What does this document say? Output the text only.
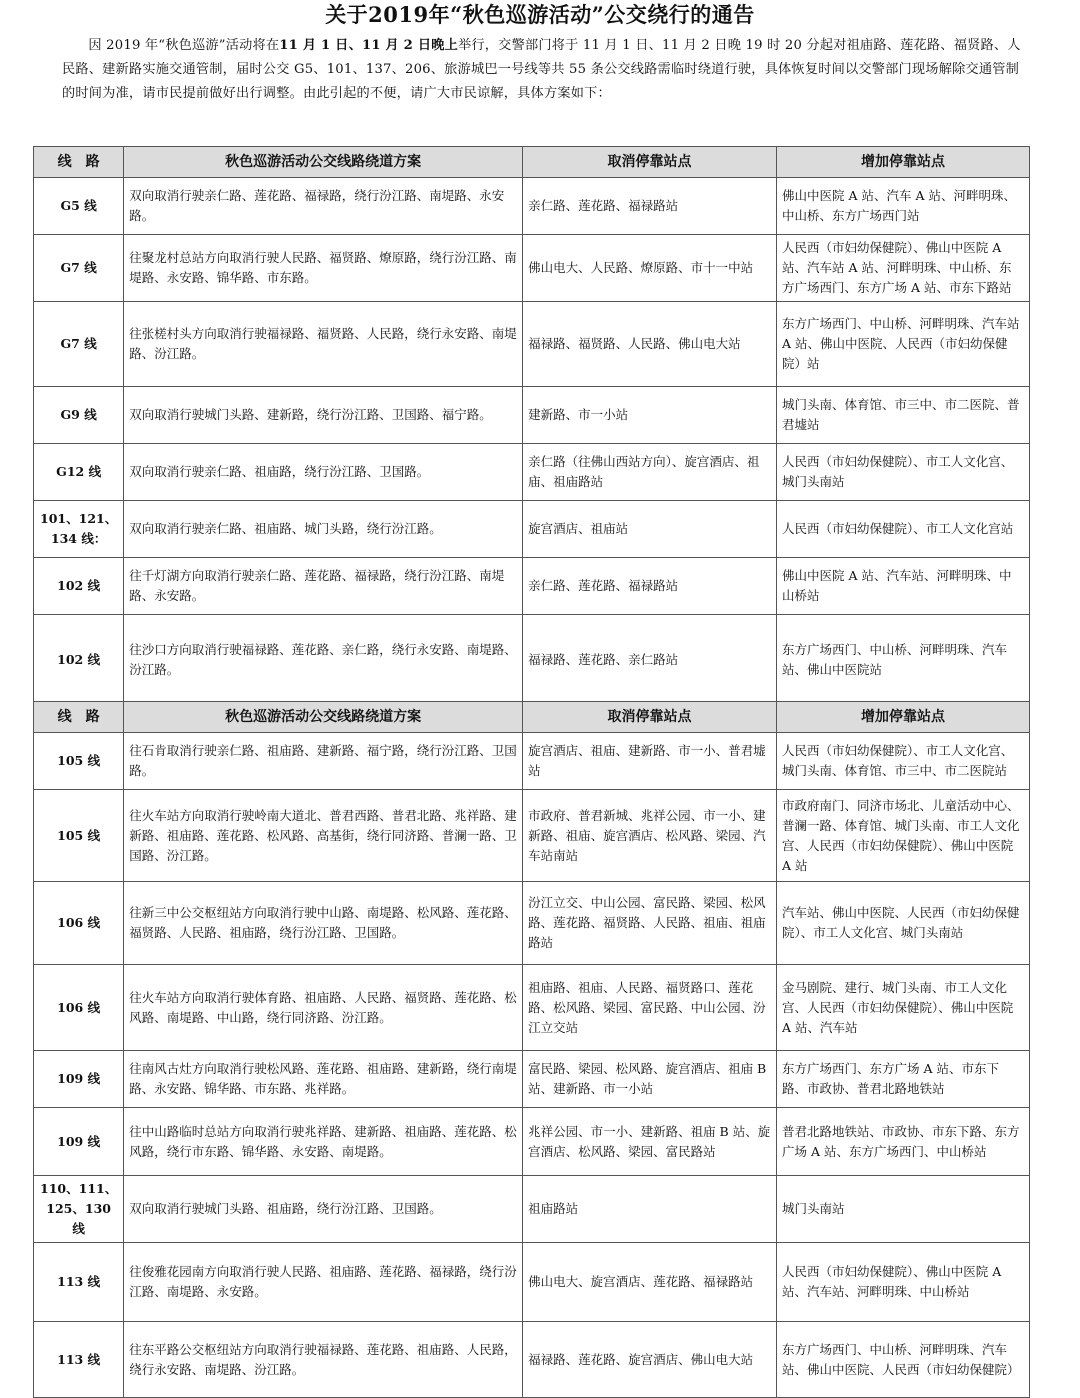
关于2019年“秋色巡游活动”公交绕行的通告

因 2019 年“秋色巡游”活动将在11 月 1 日、11 月 2 日晚上举行，交警部门将于 11 月 1 日、11 月 2 日晚 19 时 20 分起对祖庙路、莲花路、福贤路、人民路、建新路实施交通管制，届时公交 G5、101、137、206、旅游城巴一号线等共 55 条公交线路需临时绕道行驶，具体恢复时间以交警部门现场解除交通管制的时间为准，请市民提前做好出行调整。由此引起的不便，请广大市民谅解，具体方案如下：

线　路	秋色巡游活动公交线路绕道方案	取消停靠站点	增加停靠站点
G5 线	双向取消行驶亲仁路、莲花路、福禄路，绕行汾江路、南堤路、永安路。	亲仁路、莲花路、福禄路站	佛山中医院 A 站、汽车 A 站、河畔明珠、中山桥、东方广场西门站
G7 线	往聚龙村总站方向取消行驶人民路、福贤路、燎原路，绕行汾江路、南堤路、永安路、锦华路、市东路。	佛山电大、人民路、燎原路、市十一中站	人民西（市妇幼保健院）、佛山中医院 A 站、汽车站 A 站、河畔明珠、中山桥、东方广场西门、东方广场 A 站、市东下路站
G7 线	往张槎村头方向取消行驶福禄路、福贤路、人民路，绕行永安路、南堤路、汾江路。	福禄路、福贤路、人民路、佛山电大站	东方广场西门、中山桥、河畔明珠、汽车站 A 站、佛山中医院、人民西（市妇幼保健院）站
G9 线	双向取消行驶城门头路、建新路，绕行汾江路、卫国路、福宁路。	建新路、市一小站	城门头南、体育馆、市三中、市二医院、普君墟站
G12 线	双向取消行驶亲仁路、祖庙路，绕行汾江路、卫国路。	亲仁路（往佛山西站方向）、旋宫酒店、祖庙、祖庙路站	人民西（市妇幼保健院）、市工人文化宫、城门头南站
101、121、134 线：	双向取消行驶亲仁路、祖庙路、城门头路，绕行汾江路。	旋宫酒店、祖庙站	人民西（市妇幼保健院）、市工人文化宫站
102 线	往千灯湖方向取消行驶亲仁路、莲花路、福禄路，绕行汾江路、南堤路、永安路。	亲仁路、莲花路、福禄路站	佛山中医院 A 站、汽车站、河畔明珠、中山桥站
102 线	往沙口方向取消行驶福禄路、莲花路、亲仁路，绕行永安路、南堤路、汾江路。	福禄路、莲花路、亲仁路站	东方广场西门、中山桥、河畔明珠、汽车站、佛山中医院站
线　路	秋色巡游活动公交线路绕道方案	取消停靠站点	增加停靠站点
105 线	往石肯取消行驶亲仁路、祖庙路、建新路、福宁路，绕行汾江路、卫国路。	旋宫酒店、祖庙、建新路、市一小、普君墟站	人民西（市妇幼保健院）、市工人文化宫、城门头南、体育馆、市三中、市二医院站
105 线	往火车站方向取消行驶岭南大道北、普君西路、普君北路、兆祥路、建新路、祖庙路、莲花路、松风路、高基街，绕行同济路、普澜一路、卫国路、汾江路。	市政府、普君新城、兆祥公园、市一小、建新路、祖庙、旋宫酒店、松风路、梁园、汽车站南站	市政府南门、同济市场北、儿童活动中心、普澜一路、体育馆、城门头南、市工人文化宫、人民西（市妇幼保健院）、佛山中医院 A 站
106 线	往新三中公交枢纽站方向取消行驶中山路、南堤路、松风路、莲花路、福贤路、人民路、祖庙路，绕行汾江路、卫国路。	汾江立交、中山公园、富民路、梁园、松风路、莲花路、福贤路、人民路、祖庙、祖庙路站	汽车站、佛山中医院、人民西（市妇幼保健院）、市工人文化宫、城门头南站
106 线	往火车站方向取消行驶体育路、祖庙路、人民路、福贤路、莲花路、松风路、南堤路、中山路，绕行同济路、汾江路。	祖庙路、祖庙、人民路、福贤路口、莲花路、松风路、梁园、富民路、中山公园、汾江立交站	金马剧院、建行、城门头南、市工人文化宫、人民西（市妇幼保健院）、佛山中医院 A 站、汽车站
109 线	往南风古灶方向取消行驶松风路、莲花路、祖庙路、建新路，绕行南堤路、永安路、锦华路、市东路、兆祥路。	富民路、梁园、松风路、旋宫酒店、祖庙 B 站、建新路、市一小站	东方广场西门、东方广场 A 站、市东下路、市政协、普君北路地铁站
109 线	往中山路临时总站方向取消行驶兆祥路、建新路、祖庙路、莲花路、松风路，绕行市东路、锦华路、永安路、南堤路。	兆祥公园、市一小、建新路、祖庙 B 站、旋宫酒店、松风路、梁园、富民路站	普君北路地铁站、市政协、市东下路、东方广场 A 站、东方广场西门、中山桥站
110、111、125、130 线	双向取消行驶城门头路、祖庙路，绕行汾江路、卫国路。	祖庙路站	城门头南站
113 线	往俊雅花园南方向取消行驶人民路、祖庙路、莲花路、福禄路，绕行汾江路、南堤路、永安路。	佛山电大、旋宫酒店、莲花路、福禄路站	人民西（市妇幼保健院）、佛山中医院 A 站、汽车站、河畔明珠、中山桥站
113 线	往东平路公交枢纽站方向取消行驶福禄路、莲花路、祖庙路、人民路，绕行永安路、南堤路、汾江路。	福禄路、莲花路、旋宫酒店、佛山电大站	东方广场西门、中山桥、河畔明珠、汽车站、佛山中医院、人民西（市妇幼保健院）
